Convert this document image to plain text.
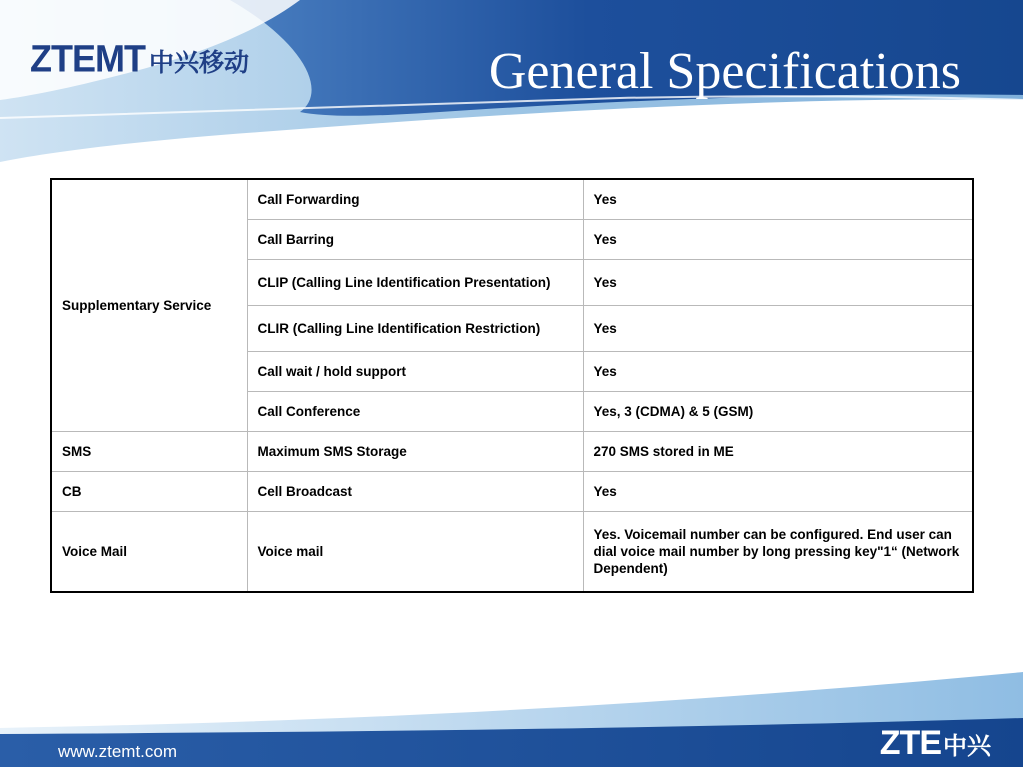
ZTEMT 中兴移动	General Specifications
Supplementary Service	Call Forwarding	Yes
	Call Barring	Yes
	CLIP (Calling Line Identification Presentation)	Yes
	CLIR (Calling Line Identification Restriction)	Yes
	Call wait / hold support	Yes
	Call Conference	Yes, 3 (CDMA) & 5 (GSM)
SMS	Maximum SMS Storage	270 SMS stored in ME
CB	Cell Broadcast	Yes
Voice Mail	Voice mail	Yes. Voicemail number can be configured. End user can dial voice mail number by long pressing key"1“ (Network Dependent)
www.ztemt.com	ZTE 中兴
